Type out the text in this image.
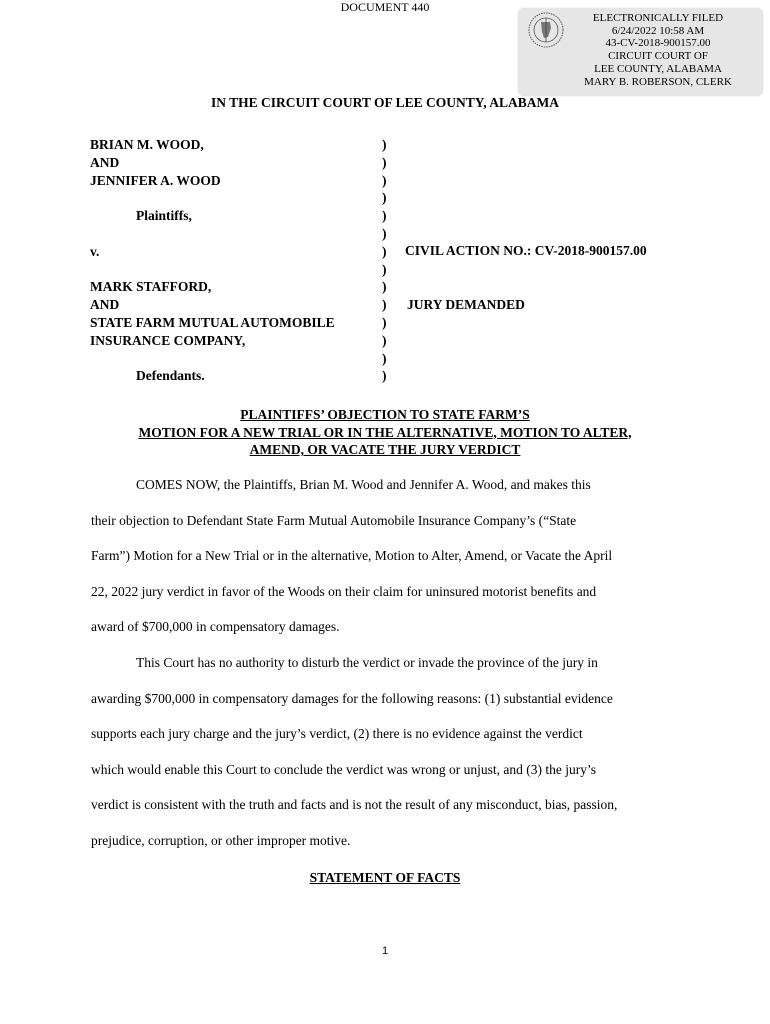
DOCUMENT 440
ELECTRONICALLY FILED
6/24/2022 10:58 AM
43-CV-2018-900157.00
CIRCUIT COURT OF
LEE COUNTY, ALABAMA
MARY B. ROBERSON, CLERK
IN THE CIRCUIT COURT OF LEE COUNTY, ALABAMA
BRIAN M. WOOD,
AND
JENNIFER A. WOOD
Plaintiffs,
v.
MARK STAFFORD,
AND
STATE FARM MUTUAL AUTOMOBILE
INSURANCE COMPANY,
Defendants.
)
)
)
)
)
)
)
)
)
)
)
)
)
)
CIVIL ACTION NO.: CV-2018-900157.00
JURY DEMANDED
PLAINTIFFS’ OBJECTION TO STATE FARM’S
MOTION FOR A NEW TRIAL OR IN THE ALTERNATIVE, MOTION TO ALTER,
AMEND, OR VACATE THE JURY VERDICT
COMES NOW, the Plaintiffs, Brian M. Wood and Jennifer A. Wood, and makes this
their objection to Defendant State Farm Mutual Automobile Insurance Company’s (“State
Farm”) Motion for a New Trial or in the alternative, Motion to Alter, Amend, or Vacate the April
22, 2022 jury verdict in favor of the Woods on their claim for uninsured motorist benefits and
award of $700,000 in compensatory damages.
This Court has no authority to disturb the verdict or invade the province of the jury in
awarding $700,000 in compensatory damages for the following reasons: (1) substantial evidence
supports each jury charge and the jury’s verdict, (2) there is no evidence against the verdict
which would enable this Court to conclude the verdict was wrong or unjust, and (3) the jury’s
verdict is consistent with the truth and facts and is not the result of any misconduct, bias, passion,
prejudice, corruption, or other improper motive.
STATEMENT OF FACTS
1
